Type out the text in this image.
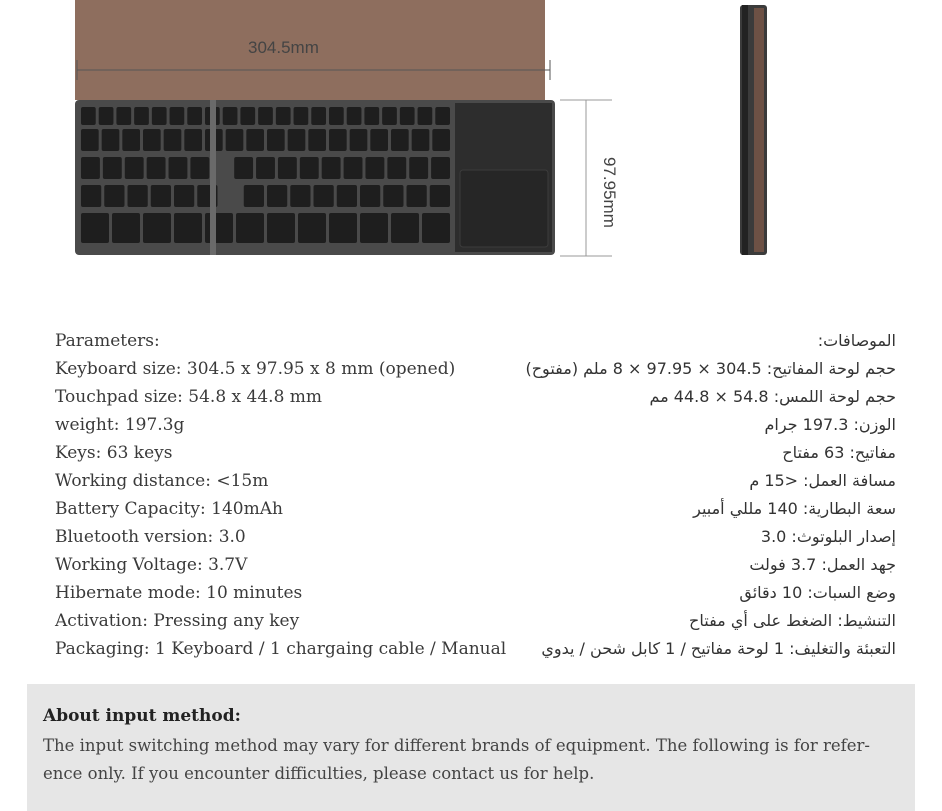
304.5mm
97.95mm
Parameters:
Keyboard size: 304.5 x 97.95 x 8 mm (opened)
Touchpad size: 54.8 x 44.8 mm
weight: 197.3g
Keys: 63 keys
Working distance: <15m
Battery Capacity: 140mAh
Bluetooth version: 3.0
Working Voltage: 3.7V
Hibernate mode: 10 minutes
Activation: Pressing any key
Packaging: 1 Keyboard / 1 chargaing cable / Manual
الموصافات:
حجم لوحة المفاتيح: 304.5 × 97.95 × 8 ملم (مفتوح)
حجم لوحة اللمس: 54.8 × 44.8 مم
الوزن: 197.3 جرام
مفاتيح: 63 مفتاح
مسافة العمل: <15 م
سعة البطارية: 140 مللي أمبير
إصدار البلوتوث: 3.0
جهد العمل: 3.7 فولت
وضع السبات: 10 دقائق
التنشيط: الضغط على أي مفتاح
التعبئة والتغليف: 1 لوحة مفاتيح / 1 كابل شحن / يدوي
About input method:
The input switching method may vary for different brands of equipment. The following is for refer-ence only. If you encounter difficulties, please contact us for help.
